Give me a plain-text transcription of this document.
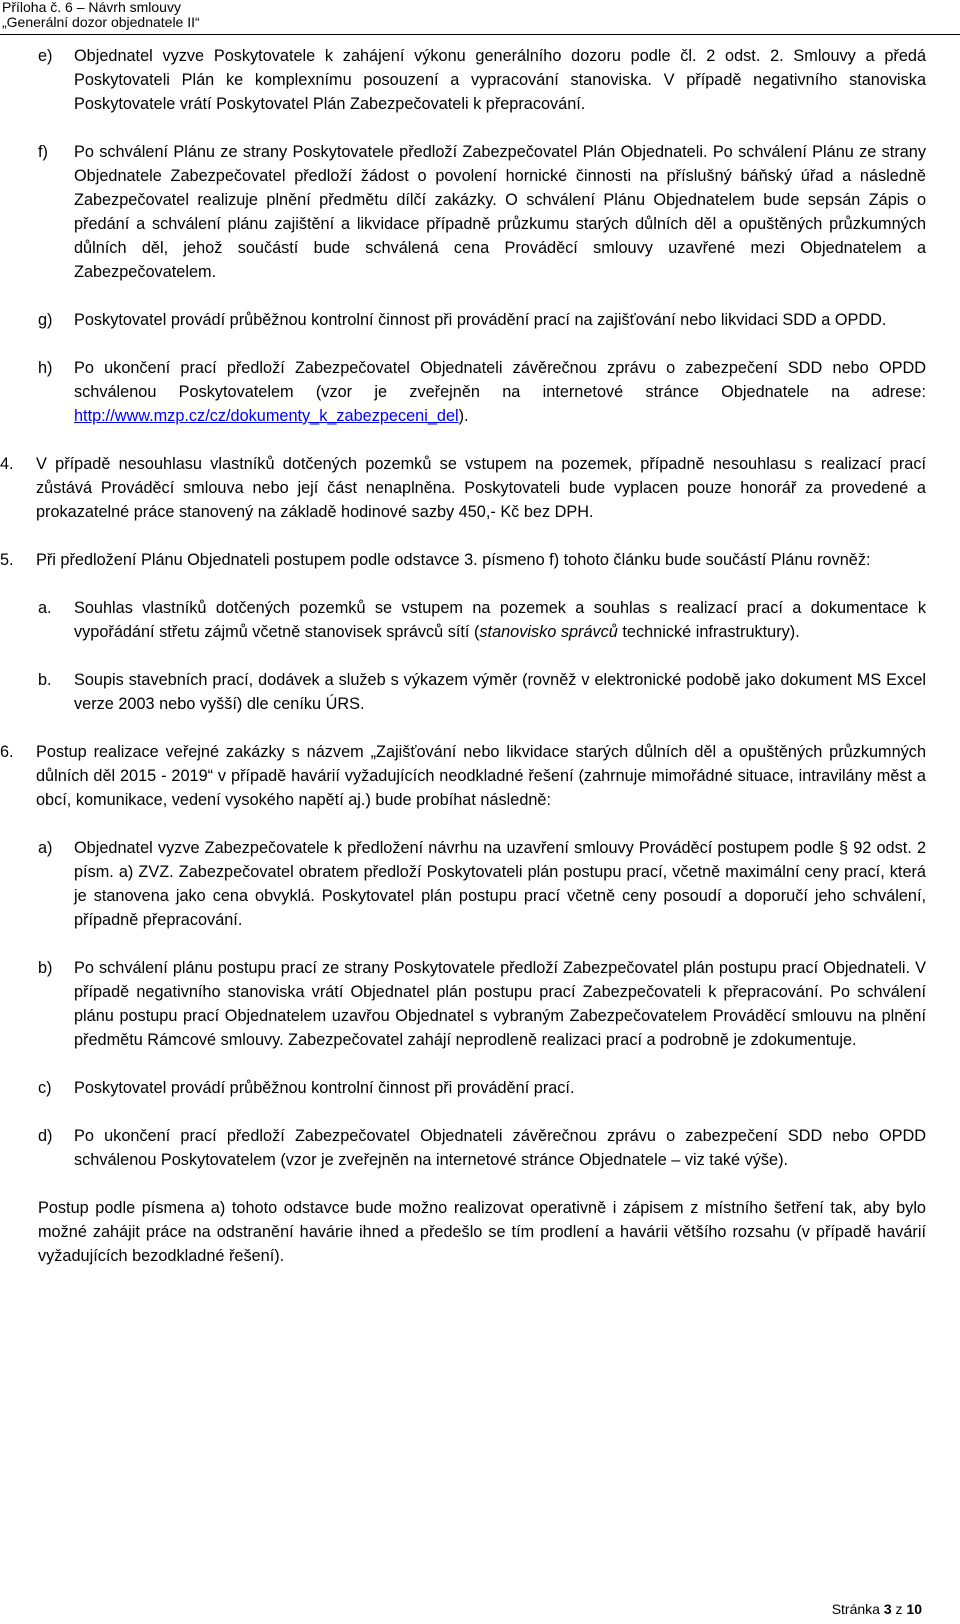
Příloha č. 6 – Návrh smlouvy
„Generální dozor objednatele II“
e)	Objednatel vyzve Poskytovatele k zahájení výkonu generálního dozoru podle čl. 2 odst. 2. Smlouvy a předá Poskytovateli Plán ke komplexnímu posouzení a vypracování stanoviska. V případě negativního stanoviska Poskytovatele vrátí Poskytovatel Plán Zabezpečovateli k přepracování.
f)	Po schválení Plánu ze strany Poskytovatele předloží Zabezpečovatel Plán Objednateli. Po schválení Plánu ze strany Objednatele Zabezpečovatel předloží žádost o povolení hornické činnosti na příslušný báňský úřad a následně Zabezpečovatel realizuje plnění předmětu dílčí zakázky. O schválení Plánu Objednatelem bude sepsán Zápis o předání a schválení plánu zajištění a likvidace případně průzkumu starých důlních děl a opuštěných průzkumných důlních děl, jehož součástí bude schválená cena Prováděcí smlouvy uzavřené mezi Objednatelem a Zabezpečovatelem.
g)	Poskytovatel provádí průběžnou kontrolní činnost při provádění prací na zajišťování nebo likvidaci SDD a OPDD.
h)	Po ukončení prací předloží Zabezpečovatel Objednateli závěrečnou zprávu o zabezpečení SDD nebo OPDD schválenou Poskytovatelem (vzor je zveřejněn na internetové stránce Objednatele na adrese: http://www.mzp.cz/cz/dokumenty_k_zabezpeceni_del).
4.	V případě nesouhlasu vlastníků dotčených pozemků se vstupem na pozemek, případně nesouhlasu s realizací prací zůstává Prováděcí smlouva nebo její část nenaplněna. Poskytovateli bude vyplacen pouze honorář za provedené a prokazatelné práce stanovený na základě hodinové sazby 450,- Kč bez DPH.
5.	Při předložení Plánu Objednateli postupem podle odstavce 3. písmeno f) tohoto článku bude součástí Plánu rovněž:
a.	Souhlas vlastníků dotčených pozemků se vstupem na pozemek a souhlas s realizací prací a dokumentace k vypořádání střetu zájmů včetně stanovisek správců sítí (stanovisko správců technické infrastruktury).
b.	Soupis stavebních prací, dodávek a služeb s výkazem výměr (rovněž v elektronické podobě jako dokument MS Excel verze 2003 nebo vyšší) dle ceníku ÚRS.
6.	Postup realizace veřejné zakázky s názvem „Zajišťování nebo likvidace starých důlních děl a opuštěných průzkumných důlních děl 2015 - 2019“ v případě havárií vyžadujících neodkladné řešení (zahrnuje mimořádné situace, intravilány měst a obcí, komunikace, vedení vysokého napětí aj.) bude probíhat následně:
a)	Objednatel vyzve Zabezpečovatele k předložení návrhu na uzavření smlouvy Prováděcí postupem podle § 92 odst. 2 písm. a) ZVZ. Zabezpečovatel obratem předloží Poskytovateli plán postupu prací, včetně maximální ceny prací, která je stanovena jako cena obvyklá. Poskytovatel plán postupu prací včetně ceny posoudí a doporučí jeho schválení, případně přepracování.
b)	Po schválení plánu postupu prací ze strany Poskytovatele předloží Zabezpečovatel plán postupu prací Objednateli. V případě negativního stanoviska vrátí Objednatel plán postupu prací Zabezpečovateli k přepracování. Po schválení plánu postupu prací Objednatelem uzavřou Objednatel s vybraným Zabezpečovatelem Prováděcí smlouvu na plnění předmětu Rámcové smlouvy. Zabezpečovatel zahájí neprodleně realizaci prací a podrobně je zdokumentuje.
c)	Poskytovatel provádí průběžnou kontrolní činnost při provádění prací.
d)	Po ukončení prací předloží Zabezpečovatel Objednateli závěrečnou zprávu o zabezpečení SDD nebo OPDD schválenou Poskytovatelem (vzor je zveřejněn na internetové stránce Objednatele – viz také výše).
Postup podle písmena a) tohoto odstavce bude možno realizovat operativně i zápisem z místního šetření tak, aby bylo možné zahájit práce na odstranění havárie ihned a předešlo se tím prodlení a havárii většího rozsahu (v případě havárií vyžadujících bezodkladné řešení).
Stránka 3 z 10
